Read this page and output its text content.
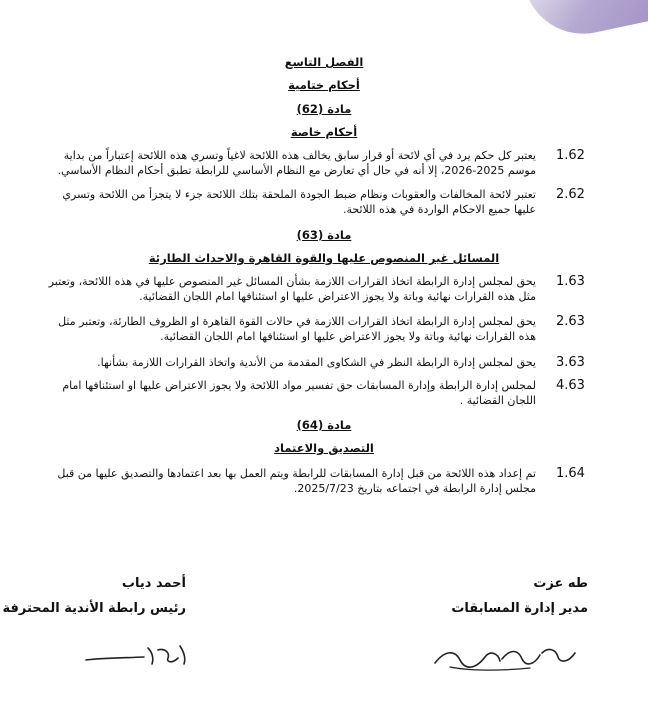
الفصل التاسع
أحكام ختامية
مادة (62)
أحكام خاصة
1.62
يعتبر كل حكم يرد في أي لائحة أو قرار سابق يخالف هذه اللائحة لاغياً وتسري هذه اللائحة إعتباراً من بداية موسم 2025-2026، إلا أنه في حال أي تعارض مع النظام الأساسي للرابطة تطبق أحكام النظام الأساسي.
2.62
تعتبر لائحة المخالفات والعقوبات ونظام ضبط الجودة الملحقة بتلك اللائحة جزء لا يتجزأ من اللائحة وتسري عليها جميع الاحكام الواردة في هذه اللائحة.
مادة (63)
المسائل غير المنصوص عليها والقوة القاهرة والاحداث الطارئة
1.63
يحق لمجلس إدارة الرابطة اتخاذ القرارات اللازمة بشأن المسائل غير المنصوص عليها في هذه اللائحة، وتعتبر مثل هذه القرارات نهائية وباتة ولا يجوز الاعتراض عليها او استئنافها امام اللجان القضائية.
2.63
يحق لمجلس إدارة الرابطة اتخاذ القرارات اللازمة في حالات القوة القاهرة او الظروف الطارئة، وتعتبر مثل هذه القرارات نهائية وباتة ولا يجوز الاعتراض عليها او استئنافها امام اللجان القضائية.
3.63
يحق لمجلس إدارة الرابطة النظر في الشكاوى المقدمة من الأندية واتخاذ القرارات اللازمة بشأنها.
4.63
لمجلس إدارة الرابطة وإدارة المسابقات حق تفسير مواد اللائحة ولا يجوز الاعتراض عليها او استئنافها امام اللجان القضائية .
مادة (64)
التصديق والاعتماد
1.64
تم إعداد هذه اللائحة من قبل إدارة المسابقات للرابطة ويتم العمل بها بعد اعتمادها والتصديق عليها من قبل مجلس إدارة الرابطة في اجتماعه بتاريخ 2025/7/23.
طه عزت
مدير إدارة المسابقات
أحمد دياب
رئيس رابطة الأندية المحترفة
